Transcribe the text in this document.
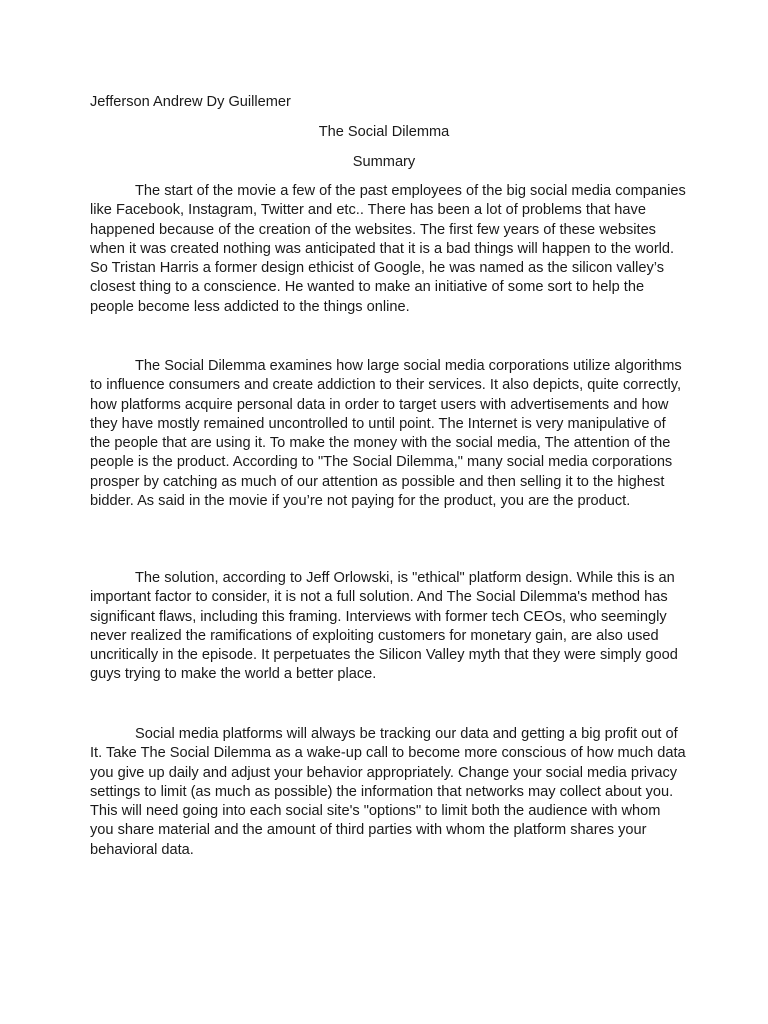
Jefferson Andrew Dy Guillemer
The Social Dilemma
Summary

The start of the movie a few of the past employees of the big social media companies like Facebook, Instagram, Twitter and etc.. There has been a lot of problems that have happened because of the creation of the websites. The first few years of these websites when it was created nothing was anticipated that it is a bad things will happen to the world. So Tristan Harris a former design ethicist of Google, he was named as the silicon valley’s closest thing to a conscience. He wanted to make an initiative of some sort to help the people become less addicted to the things online.

The Social Dilemma examines how large social media corporations utilize algorithms to influence consumers and create addiction to their services. It also depicts, quite correctly, how platforms acquire personal data in order to target users with advertisements and how they have mostly remained uncontrolled to until point. The Internet is very manipulative of the people that are using it. To make the money with the social media, The attention of the people is the product. According to "The Social Dilemma," many social media corporations prosper by catching as much of our attention as possible and then selling it to the highest bidder. As said in the movie if you’re not paying for the product, you are the product.

The solution, according to Jeff Orlowski, is "ethical" platform design. While this is an important factor to consider, it is not a full solution. And The Social Dilemma's method has significant flaws, including this framing. Interviews with former tech CEOs, who seemingly never realized the ramifications of exploiting customers for monetary gain, are also used uncritically in the episode. It perpetuates the Silicon Valley myth that they were simply good guys trying to make the world a better place.

Social media platforms will always be tracking our data and getting a big profit out of It. Take The Social Dilemma as a wake-up call to become more conscious of how much data you give up daily and adjust your behavior appropriately. Change your social media privacy settings to limit (as much as possible) the information that networks may collect about you. This will need going into each social site's "options" to limit both the audience with whom you share material and the amount of third parties with whom the platform shares your behavioral data.
